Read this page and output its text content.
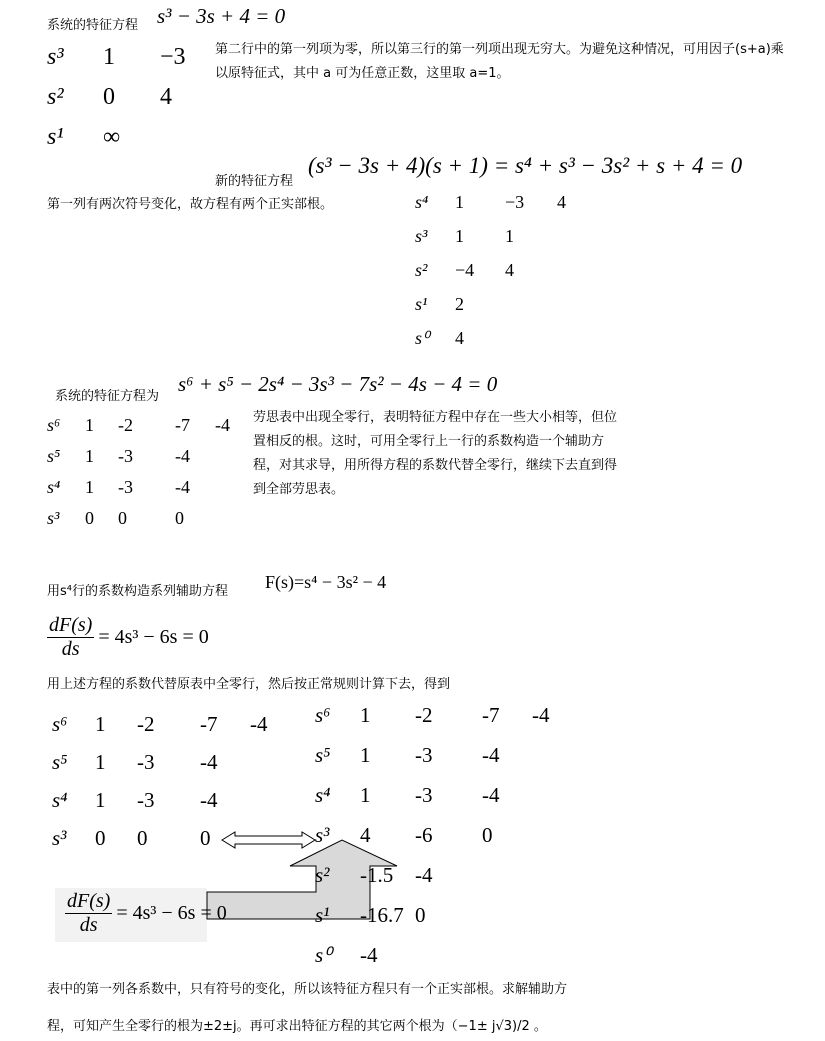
系统的特征方程 s³ − 3s + 4 = 0
s³ 1 −3
s² 0 4
s¹ ∞
第二行中的第一列项为零，所以第三行的第一列项出现无穷大。为避免这种情况，可用因子(s+a)乘以原特征式，其中 a 可为任意正数，这里取 a=1。
新的特征方程
(s³ − 3s + 4)(s + 1) = s⁴ + s³ − 3s² + s + 4 = 0
第一列有两次符号变化，故方程有两个正实部根。	s⁴ 1 −3 4
s³ 1 1
s² −4 4
s¹ 2
s⁰ 4
系统的特征方程为
s⁶ + s⁵ − 2s⁴ − 3s³ − 7s² − 4s − 4 = 0
s⁶ 1 -2 -7 -4
s⁵ 1 -3 -4
s⁴ 1 -3 -4
s³ 0 0	0
劳思表中出现全零行，表明特征方程中存在一些大小相等，但位置相反的根。这时，可用全零行上一行的系数构造一个辅助方程，对其求导，用所得方程的系数代替全零行，继续下去直到得到全部劳思表。
用s⁴行的系数构造系列辅助方程 F(s)=s⁴ − 3s² − 4
$\frac{dF(s)}{ds} = 4s^3 - 6s = 0$
用上述方程的系数代替原表中全零行，然后按正常规则计算下去，得到
s⁶ 1 -2 -7 -4
s⁵ 1 -3 -4
s⁴ 1 -3 -4
s³ 0 0	0
s⁶ 1 -2 -7 -4
s⁵ 1 -3 -4
s⁴ 1 -3 -4
s³ 4 -6 0
s² -1.5 -4
s¹ -16.7 0
s⁰ -4
$\frac{dF(s)}{ds} = 4s^3 - 6s = 0$
表中的第一列各系数中，只有符号的变化，所以该特征方程只有一个正实部根。求解辅助方
程，可知产生全零行的根为±2±j。再可求出特征方程的其它两个根为（−1± j√3)/2 。
